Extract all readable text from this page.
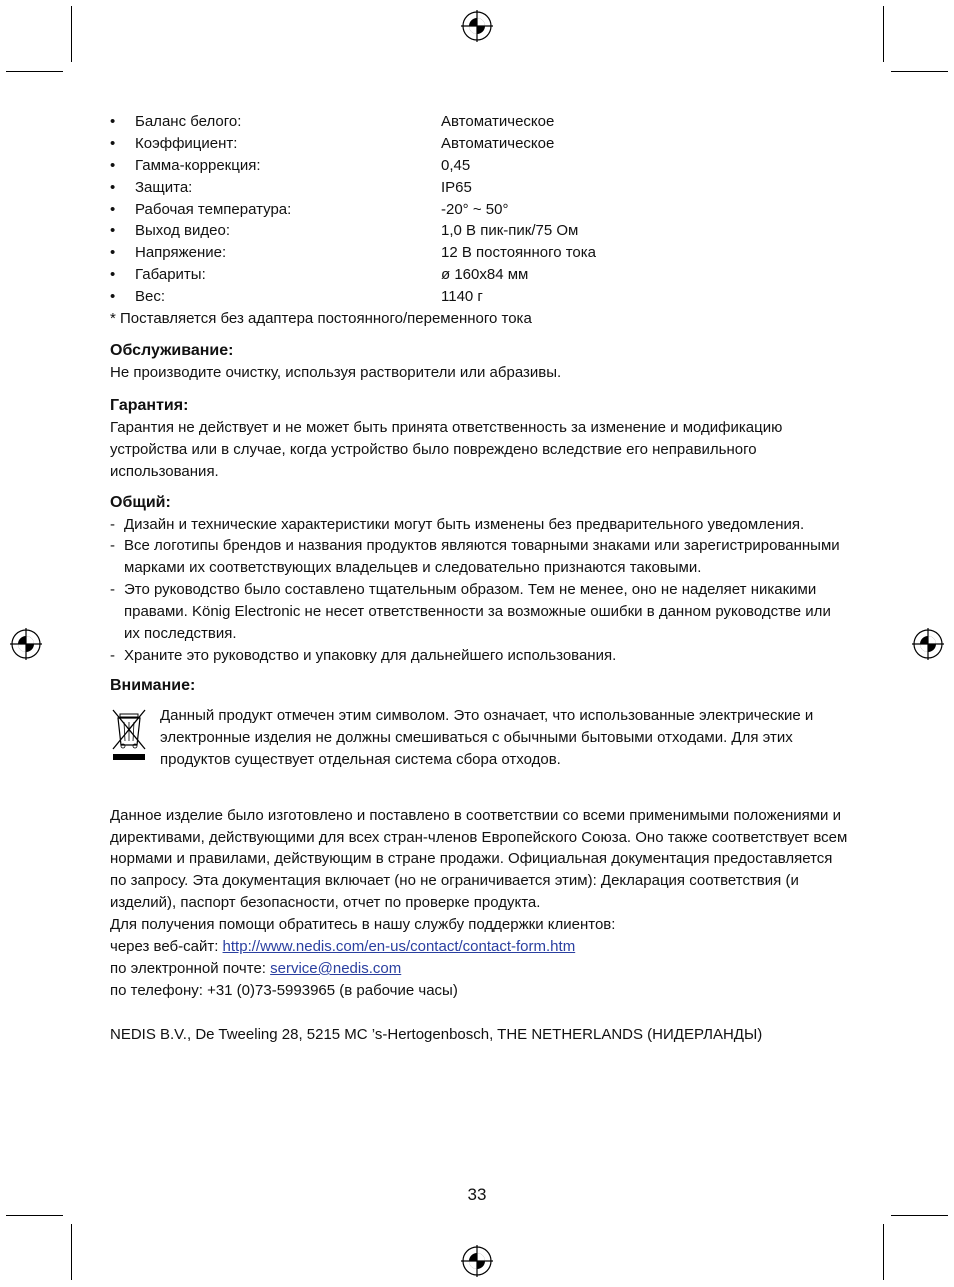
•	Баланс белого:	Автоматическое
•	Коэффициент:	Автоматическое
•	Гамма-коррекция:	0,45
•	Защита:	IP65
•	Рабочая температура:	-20° ~ 50°
•	Выход видео:	1,0 В пик-пик/75 Ом
•	Напряжение:	12 В постоянного тока
•	Габариты:	ø 160x84 мм
•	Вес:	1140 г

* Поставляется без адаптера постоянного/переменного тока

Обслуживание:

Не производите очистку, используя растворители или абразивы.

Гарантия:

Гарантия не действует и не может быть принята ответственность за изменение и модификацию устройства или в случае, когда устройство было повреждено вследствие его неправильного использования.

Общий:
- Дизайн и технические характеристики могут быть изменены без предварительного уведомления.
- Все логотипы брендов и названия продуктов являются товарными знаками или зарегистрированными марками их соответствующих владельцев и следовательно признаются таковыми.
- Это руководство было составлено тщательным образом. Тем не менее, оно не наделяет никакими правами. König Electronic не несет ответственности за возможные ошибки в данном руководстве или их последствия.
- Храните это руководство и упаковку для дальнейшего использования.
Внимание:

Данный продукт отмечен этим символом. Это означает, что использованные электрические и электронные изделия не должны смешиваться с обычными бытовыми отходами. Для этих продуктов существует отдельная система сбора отходов.

Данное изделие было изготовлено и поставлено в соответствии со всеми применимыми положениями и директивами, действующими для всех стран-членов Европейского Союза. Оно также соответствует всем нормами и правилами, действующим в стране продажи. Официальная документация предоставляется по запросу. Эта документация включает (но не ограничивается этим): Декларация соответствия (и изделий), паспорт безопасности, отчет по проверке продукта.

Для получения помощи обратитесь в нашу службу поддержки клиентов:

через веб-сайт: http://www.nedis.com/en-us/contact/contact-form.htm

по электронной почте: service@nedis.com

по телефону: +31 (0)73-5993965 (в рабочие часы)

NEDIS B.V., De Tweeling 28, 5215 MC ’s-Hertogenbosch, THE NETHERLANDS (НИДЕРЛАНДЫ)

33
